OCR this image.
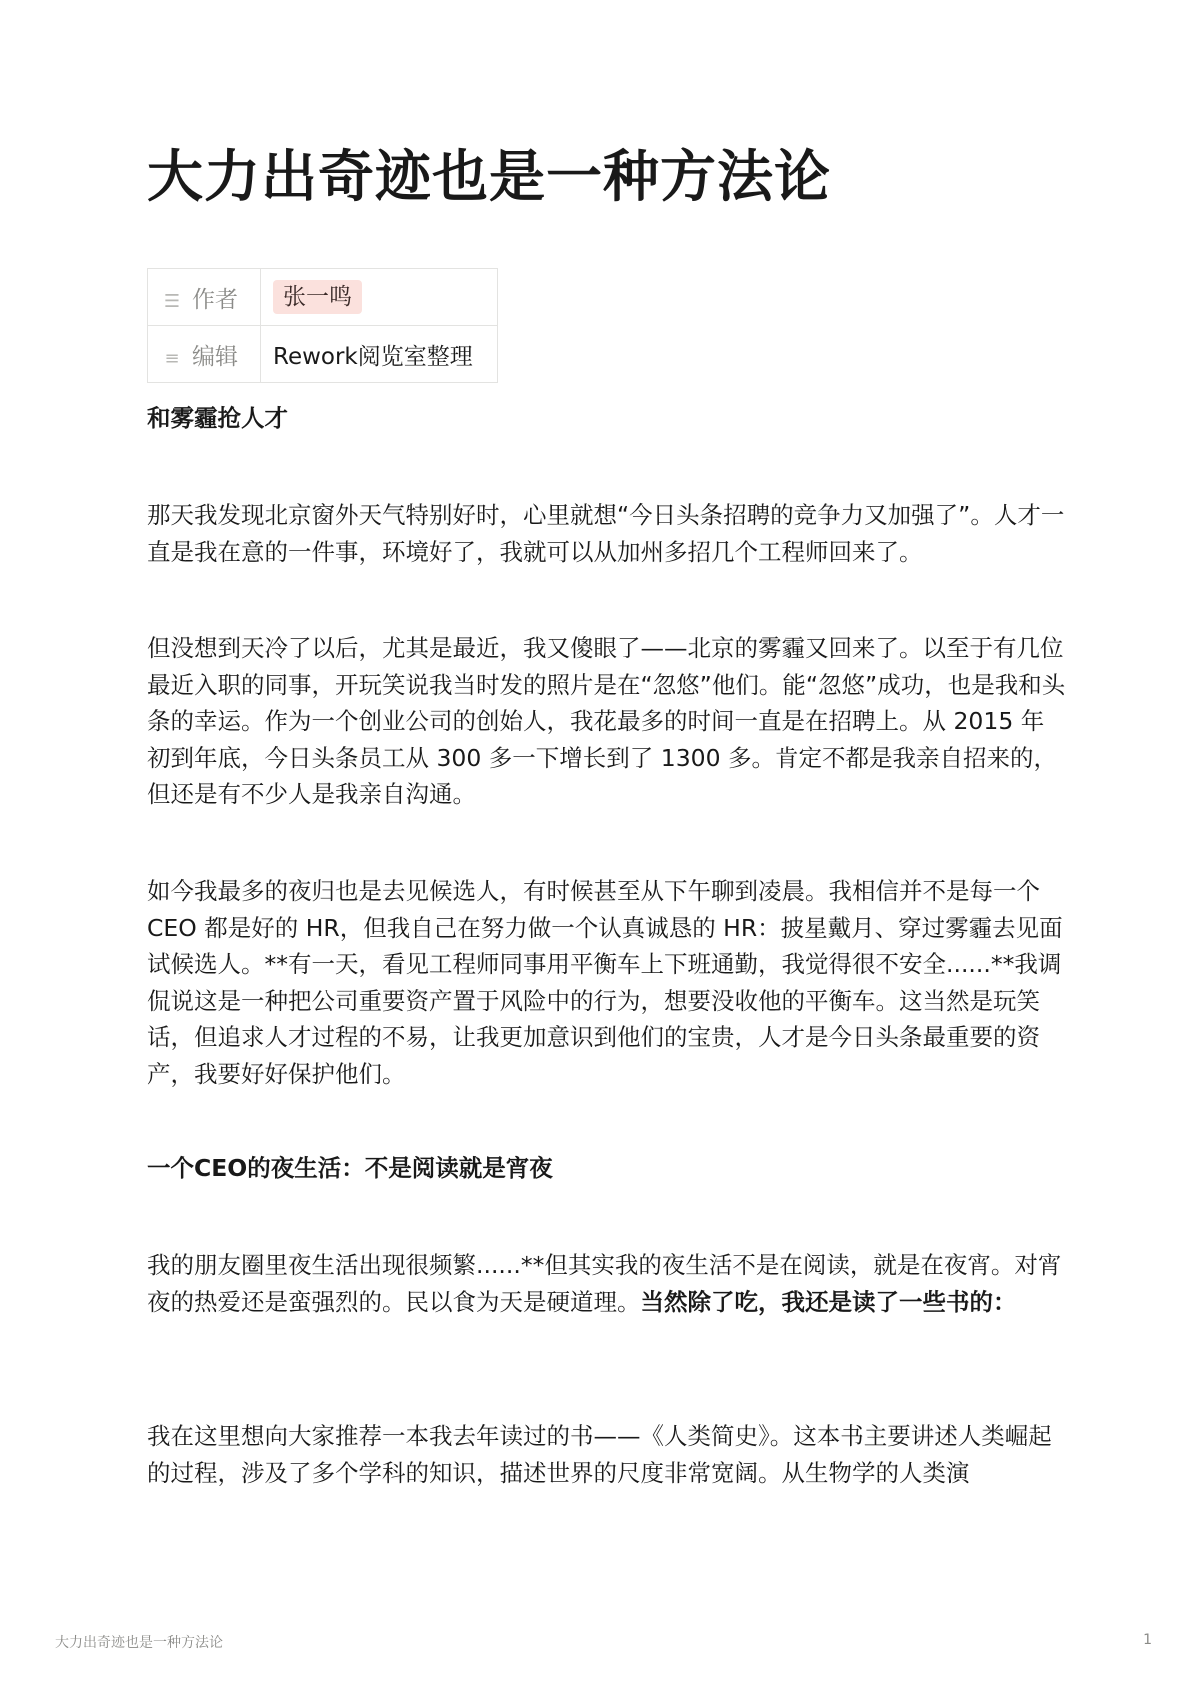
大力出奇迹也是一种方法论
☰ 作者	张一鸣
≡ 编辑	Rework阅览室整理

和雾霾抢人才

那天我发现北京窗外天气特别好时，心里就想“今日头条招聘的竞争力又加强了”。人才一直是我在意的一件事，环境好了，我就可以从加州多招几个工程师回来了。

但没想到天冷了以后，尤其是最近，我又傻眼了——北京的雾霾又回来了。以至于有几位最近入职的同事，开玩笑说我当时发的照片是在“忽悠”他们。能“忽悠”成功，也是我和头条的幸运。作为一个创业公司的创始人，我花最多的时间一直是在招聘上。从 2015 年初到年底，今日头条员工从 300 多一下增长到了 1300 多。肯定不都是我亲自招来的，但还是有不少人是我亲自沟通。

如今我最多的夜归也是去见候选人，有时候甚至从下午聊到凌晨。我相信并不是每一个 CEO 都是好的 HR，但我自己在努力做一个认真诚恳的 HR：披星戴月、穿过雾霾去见面试候选人。**有一天，看见工程师同事用平衡车上下班通勤，我觉得很不安全......**我调侃说这是一种把公司重要资产置于风险中的行为，想要没收他的平衡车。这当然是玩笑话，但追求人才过程的不易，让我更加意识到他们的宝贵，人才是今日头条最重要的资产，我要好好保护他们。

一个CEO的夜生活：不是阅读就是宵夜

我的朋友圈里夜生活出现很频繁......**但其实我的夜生活不是在阅读，就是在夜宵。对宵夜的热爱还是蛮强烈的。民以食为天是硬道理。当然除了吃，我还是读了一些书的：

我在这里想向大家推荐一本我去年读过的书——《人类简史》。这本书主要讲述人类崛起的过程，涉及了多个学科的知识，描述世界的尺度非常宽阔。从生物学的人类演

大力出奇迹也是一种方法论	1
